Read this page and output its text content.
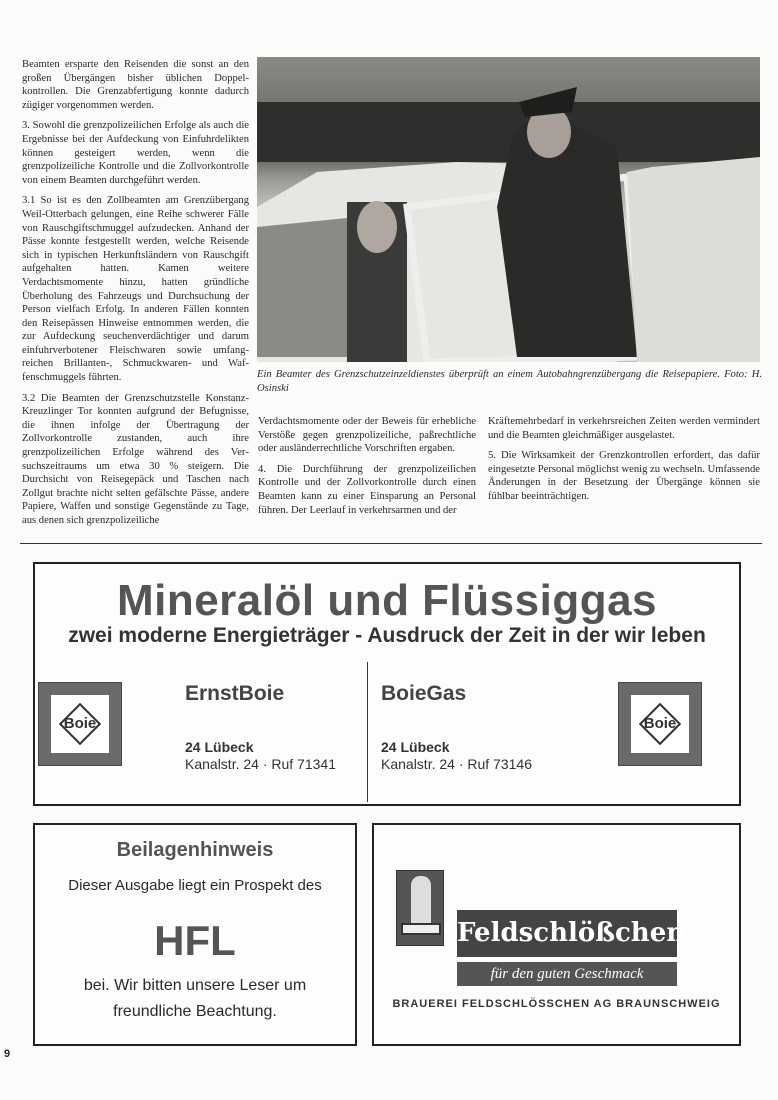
Beamten ersparte den Reisenden die sonst an den großen Übergängen bisher üblichen Doppelkontrollen. Die Grenzabfertigung konnte dadurch zügiger vorgenommen werden.

3. Sowohl die grenzpolizeilichen Erfolge als auch die Ergebnisse bei der Aufdeckung von Einfuhrdelikten können gesteigert werden, wenn die grenzpolizeiliche Kontrolle und die Zollvorkontrolle von einem Beamten durchgeführt werden.

3.1 So ist es den Zollbeamten am Grenzübergang Weil-Otterbach gelungen, eine Reihe schwerer Fälle von Rauschgiftschmuggel aufzudecken. Anhand der Pässe konnte festgestellt werden, welche Reisende sich in typischen Herkunftsländern von Rauschgift aufgehalten hatten. Kamen weitere Verdachtsmomente hinzu, hatten gründliche Überholung des Fahrzeugs und Durchsuchung der Person vielfach Erfolg. In anderen Fällen konnten den Reisepässen Hinweise entnommen werden, die zur Aufdeckung seuchenverdächtiger und darum einfuhrverbotener Fleischwaren sowie umfangreichen Brillanten-, Schmuckwaren- und Waffenschmuggels führten.

3.2 Die Beamten der Grenzschutzstelle Konstanz-Kreuzlinger Tor konnten aufgrund der Befugnisse, die ihnen infolge der Übertragung der Zollvorkontrolle zustanden, auch ihre grenzpolizeilichen Erfolge während des Versuchszeitraums um etwa 30 % steigern. Die Durchsicht von Reisegepäck und Taschen nach Zollgut brachte nicht selten gefälschte Pässe, andere Papiere, Waffen und sonstige Gegenstände zu Tage, aus denen sich grenzpolizeiliche

Ein Beamter des Grenzschutzeinzeldienstes überprüft an einem Autobahngrenzübergang die Reisepapiere. Foto: H. Osinski

Verdachtsmomente oder der Beweis für erhebliche Verstöße gegen grenzpolizeiliche, paßrechtliche oder ausländerrechtliche Vorschriften ergaben.

4. Die Durchführung der grenzpolizeilichen Kontrolle und der Zollvorkontrolle durch einen Beamten kann zu einer Einsparung an Personal führen. Der Leerlauf in verkehrsarmen und der

Kräftemehrbedarf in verkehrsreichen Zeiten werden vermindert und die Beamten gleichmäßiger ausgelastet.

5. Die Wirksamkeit der Grenzkontrollen erfordert, das dafür eingesetzte Personal möglichst wenig zu wechseln. Umfassende Änderungen in der Besetzung der Übergänge können sie fühlbar beeinträchtigen.

Mineralöl und Flüssiggas
zwei moderne Energieträger - Ausdruck der Zeit in der wir leben
Boie
ErnstBoie
24 Lübeck
Kanalstr. 24 · Ruf 71341
BoieGas
24 Lübeck
Kanalstr. 24 · Ruf 73146
Boie
Beilagenhinweis
Dieser Ausgabe liegt ein Prospekt des
HFL
bei. Wir bitten unsere Leser um
freundliche Beachtung.
Feldschlößchen
für den guten Geschmack
BRAUEREI FELDSCHLÖSSCHEN AG BRAUNSCHWEIG
9
